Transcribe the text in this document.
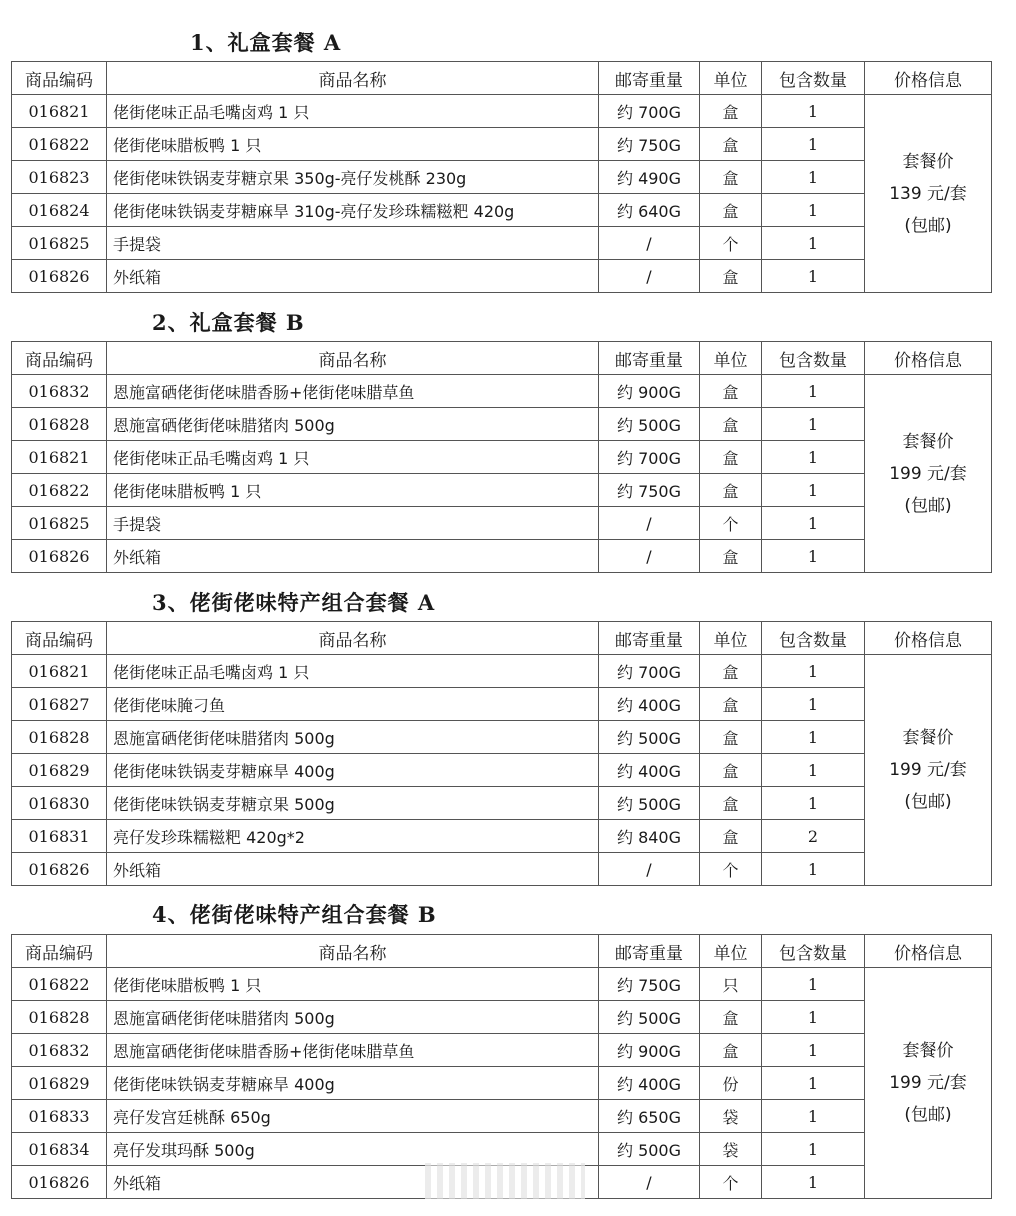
1、礼盒套餐 A
商品编码	商品名称	邮寄重量	单位	包含数量	价格信息
016821	佬街佬味正品毛嘴卤鸡 1 只	约 700G	盒	1	套餐价
139 元/套
(包邮)

016822	佬街佬味腊板鸭 1 只	约 750G	盒	1	
016823	佬街佬味铁锅麦芽糖京果 350g-亮仔发桃酥 230g	约 490G	盒	1	
016824	佬街佬味铁锅麦芽糖麻旱 310g-亮仔发珍珠糯糍粑 420g	约 640G	盒	1	
016825	手提袋	/	个	1	
016826	外纸箱	/	盒	1	
2、礼盒套餐 B
商品编码	商品名称	邮寄重量	单位	包含数量	价格信息
016832	恩施富硒佬街佬味腊香肠+佬街佬味腊草鱼	约 900G	盒	1	套餐价
199 元/套
(包邮)

016828	恩施富硒佬街佬味腊猪肉 500g	约 500G	盒	1	
016821	佬街佬味正品毛嘴卤鸡 1 只	约 700G	盒	1	
016822	佬街佬味腊板鸭 1 只	约 750G	盒	1	
016825	手提袋	/	个	1	
016826	外纸箱	/	盒	1	
3、佬街佬味特产组合套餐 A
商品编码	商品名称	邮寄重量	单位	包含数量	价格信息
016821	佬街佬味正品毛嘴卤鸡 1 只	约 700G	盒	1	套餐价
199 元/套
(包邮)

016827	佬街佬味腌刁鱼	约 400G	盒	1	
016828	恩施富硒佬街佬味腊猪肉 500g	约 500G	盒	1	
016829	佬街佬味铁锅麦芽糖麻旱 400g	约 400G	盒	1	
016830	佬街佬味铁锅麦芽糖京果 500g	约 500G	盒	1	
016831	亮仔发珍珠糯糍粑 420g*2	约 840G	盒	2	
016826	外纸箱	/	个	1	
4、佬街佬味特产组合套餐 B
商品编码	商品名称	邮寄重量	单位	包含数量	价格信息
016822	佬街佬味腊板鸭 1 只	约 750G	只	1	套餐价
199 元/套
(包邮)

016828	恩施富硒佬街佬味腊猪肉 500g	约 500G	盒	1	
016832	恩施富硒佬街佬味腊香肠+佬街佬味腊草鱼	约 900G	盒	1	
016829	佬街佬味铁锅麦芽糖麻旱 400g	约 400G	份	1	
016833	亮仔发宫廷桃酥 650g	约 650G	袋	1	
016834	亮仔发琪玛酥 500g	约 500G	袋	1	
016826	外纸箱	/	个	1	
